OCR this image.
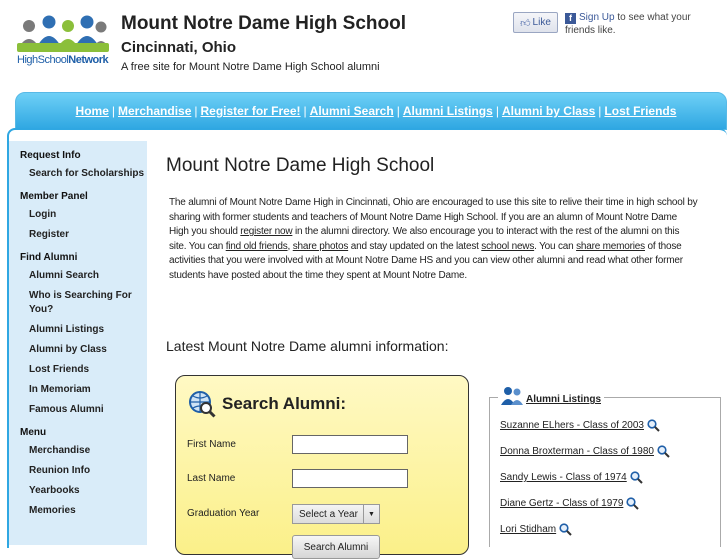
HighSchoolNetwork
Mount Notre Dame High School
Cincinnati, Ohio
A free site for Mount Notre Dame High School alumni
👍︎ Like	f Sign Up to see what your friends like.
Home | Merchandise | Register for Free! | Alumni Search | Alumni Listings | Alumni by Class | Lost Friends
Request Info
Search for Scholarships
Member Panel
Login
Register
Find Alumni
Alumni Search
Who is Searching For You?
Alumni Listings
Alumni by Class
Lost Friends
In Memoriam
Famous Alumni
Menu
Merchandise
Reunion Info
Yearbooks
Memories
Mount Notre Dame High School
The alumni of Mount Notre Dame High in Cincinnati, Ohio are encouraged to use this site to relive their time in high school by sharing with former students and teachers of Mount Notre Dame High School. If you are an alumn of Mount Notre Dame High you should register now in the alumni directory. We also encourage you to interact with the rest of the alumni on this site. You can find old friends, share photos and stay updated on the latest school news. You can share memories of those activities that you were involved with at Mount Notre Dame HS and you can view other alumni and read what other former students have posted about the time they spent at Mount Notre Dame.
Latest Mount Notre Dame alumni information:
Search Alumni:
First Name
Last Name
Graduation Year	Select a Year	▼
Search Alumni
Alumni Listings
Suzanne ELhers - Class of 2003
Donna Broxterman - Class of 1980
Sandy Lewis - Class of 1974
Diane Gertz - Class of 1979
Lori Stidham
